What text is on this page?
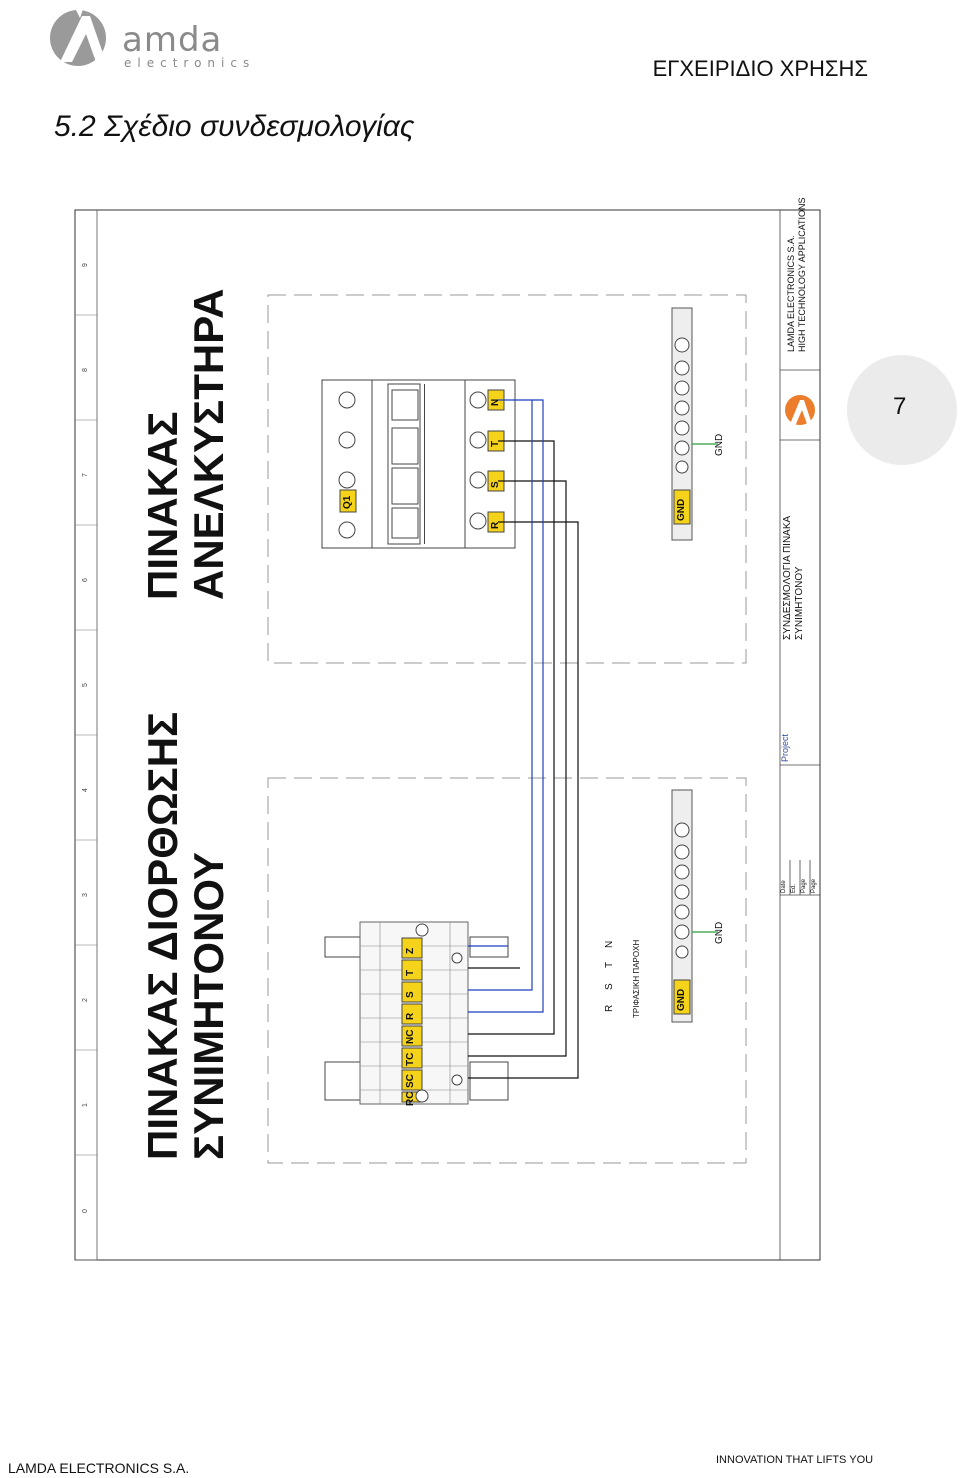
amda
electronics	ΕΓΧΕΙΡΙΔΙΟ ΧΡΗΣΗΣ
5.2 Σχέδιο συνδεσμολογίας
0
1
2
3
4
5
6
7
8
9
ΠΙΝΑΚΑΣ ΔΙΟΡΘΩΣΗΣ ΣΥΝΙΜΗΤΟΝΟΥ
ΠΙΝΑΚΑΣ ΑΝΕΛΚΥΣΤΗΡΑ	Q1
R
S
T
N
Z
T
S
R
NC
TC
SC
RC
R
S
T
N ΤΡΙΦΑΣΙΚΗ ΠΑΡΟΧΗ
GND
GND
GND
GND
Date Ed. Page Page
Project
ΣΥΝΔΕΣΜΟΛΟΓΙΑ ΠΙΝΑΚΑ ΣΥΝΙΜΗΤΟΝΟΥ
LAMDA ELECTRONICS S.A. HIGH TECHNOLOGY APPLICATIONS
7
LAMDA ELECTRONICS S.A.	INNOVATION THAT LIFTS YOU
